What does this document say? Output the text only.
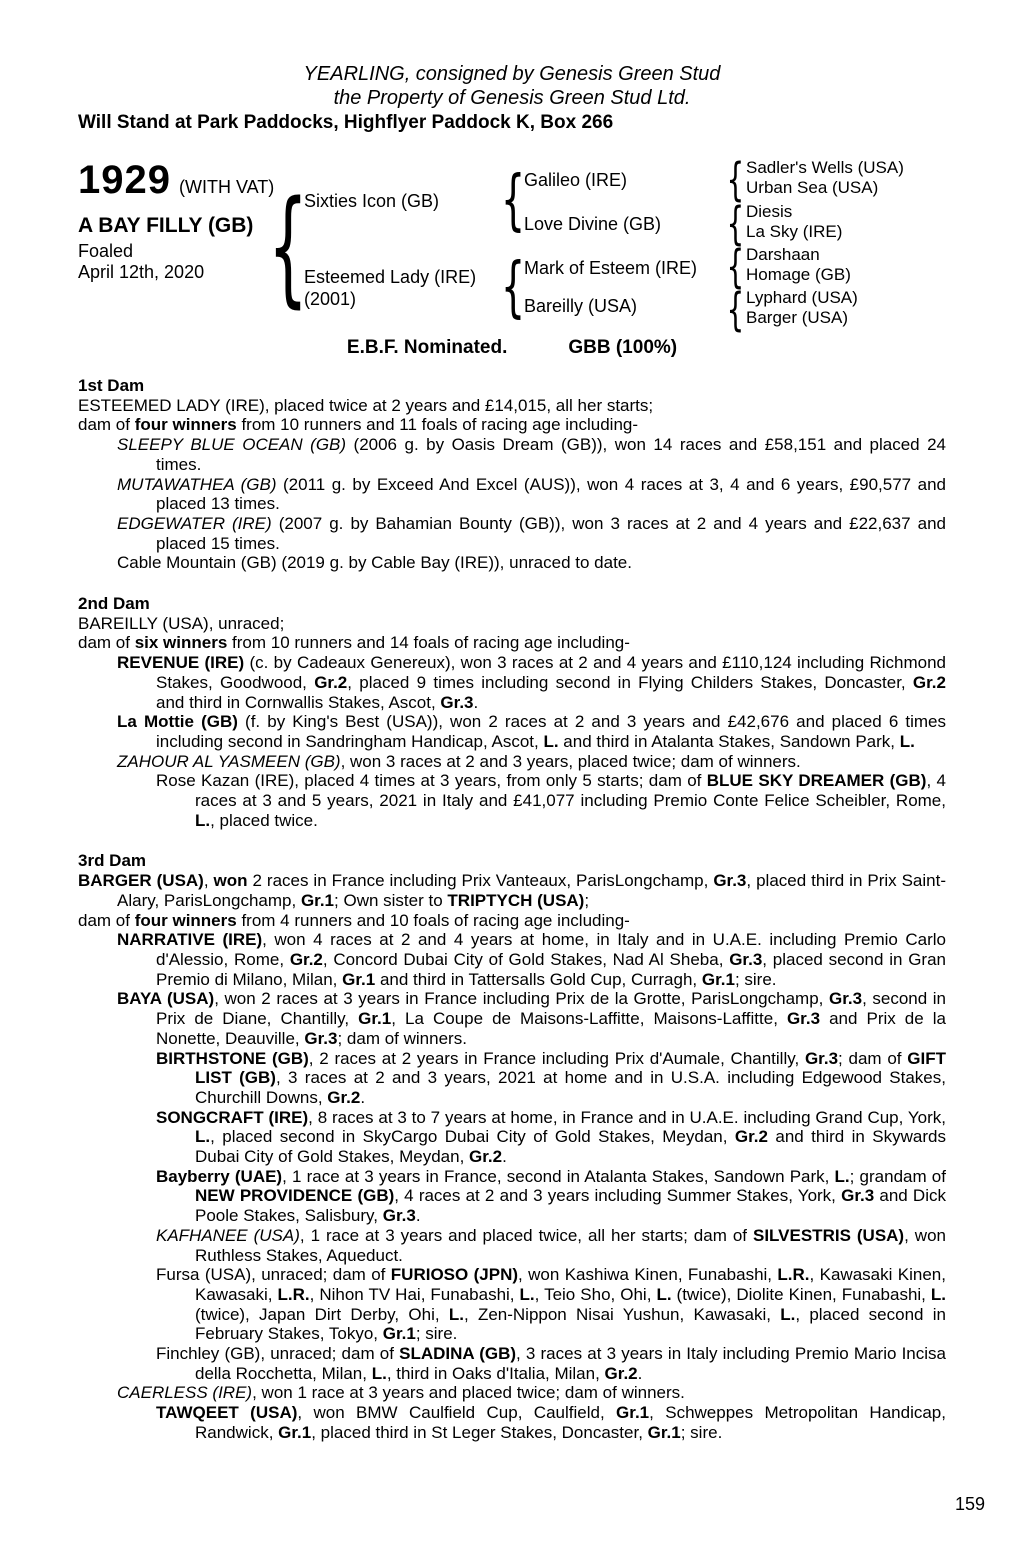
YEARLING, consigned by Genesis Green Stud
the Property of Genesis Green Stud Ltd.
Will Stand at Park Paddocks, Highflyer Paddock K, Box 266
1929 (WITH VAT)
A BAY FILLY (GB)
Foaled
April 12th, 2020 {
Sixties Icon (GB)
Esteemed Lady (IRE)
(2001)
{
{
Galileo (IRE)
Love Divine (GB)
Mark of Esteem (IRE)
Bareilly (USA)
{
{
{
{
Sadler's Wells (USA)
Urban Sea (USA)
Diesis
La Sky (IRE)
Darshaan
Homage (GB)
Lyphard (USA)
Barger (USA)
E.B.F. Nominated.	GBB (100%)
1st Dam

ESTEEMED LADY (IRE), placed twice at 2 years and £14,015, all her starts;

dam of four winners from 10 runners and 11 foals of racing age including-

SLEEPY BLUE OCEAN (GB) (2006 g. by Oasis Dream (GB)), won 14 races and £58,151 and placed 24 times.

MUTAWATHEA (GB) (2011 g. by Exceed And Excel (AUS)), won 4 races at 3, 4 and 6 years, £90,577 and placed 13 times.

EDGEWATER (IRE) (2007 g. by Bahamian Bounty (GB)), won 3 races at 2 and 4 years and £22,637 and placed 15 times.

Cable Mountain (GB) (2019 g. by Cable Bay (IRE)), unraced to date.

2nd Dam

BAREILLY (USA), unraced;

dam of six winners from 10 runners and 14 foals of racing age including-

REVENUE (IRE) (c. by Cadeaux Genereux), won 3 races at 2 and 4 years and £110,124 including Richmond Stakes, Goodwood, Gr.2, placed 9 times including second in Flying Childers Stakes, Doncaster, Gr.2 and third in Cornwallis Stakes, Ascot, Gr.3.

La Mottie (GB) (f. by King's Best (USA)), won 2 races at 2 and 3 years and £42,676 and placed 6 times including second in Sandringham Handicap, Ascot, L. and third in Atalanta Stakes, Sandown Park, L.

ZAHOUR AL YASMEEN (GB), won 3 races at 2 and 3 years, placed twice; dam of winners.

Rose Kazan (IRE), placed 4 times at 3 years, from only 5 starts; dam of BLUE SKY DREAMER (GB), 4 races at 3 and 5 years, 2021 in Italy and £41,077 including Premio Conte Felice Scheibler, Rome, L., placed twice.

3rd Dam

BARGER (USA), won 2 races in France including Prix Vanteaux, ParisLongchamp, Gr.3, placed third in Prix Saint-Alary, ParisLongchamp, Gr.1; Own sister to TRIPTYCH (USA);

dam of four winners from 4 runners and 10 foals of racing age including-

NARRATIVE (IRE), won 4 races at 2 and 4 years at home, in Italy and in U.A.E. including Premio Carlo d'Alessio, Rome, Gr.2, Concord Dubai City of Gold Stakes, Nad Al Sheba, Gr.3, placed second in Gran Premio di Milano, Milan, Gr.1 and third in Tattersalls Gold Cup, Curragh, Gr.1; sire.

BAYA (USA), won 2 races at 3 years in France including Prix de la Grotte, ParisLongchamp, Gr.3, second in Prix de Diane, Chantilly, Gr.1, La Coupe de Maisons-Laffitte, Maisons-Laffitte, Gr.3 and Prix de la Nonette, Deauville, Gr.3; dam of winners.

BIRTHSTONE (GB), 2 races at 2 years in France including Prix d'Aumale, Chantilly, Gr.3; dam of GIFT LIST (GB), 3 races at 2 and 3 years, 2021 at home and in U.S.A. including Edgewood Stakes, Churchill Downs, Gr.2.

SONGCRAFT (IRE), 8 races at 3 to 7 years at home, in France and in U.A.E. including Grand Cup, York, L., placed second in SkyCargo Dubai City of Gold Stakes, Meydan, Gr.2 and third in Skywards Dubai City of Gold Stakes, Meydan, Gr.2.

Bayberry (UAE), 1 race at 3 years in France, second in Atalanta Stakes, Sandown Park, L.; grandam of NEW PROVIDENCE (GB), 4 races at 2 and 3 years including Summer Stakes, York, Gr.3 and Dick Poole Stakes, Salisbury, Gr.3.

KAFHANEE (USA), 1 race at 3 years and placed twice, all her starts; dam of SILVESTRIS (USA), won Ruthless Stakes, Aqueduct.

Fursa (USA), unraced; dam of FURIOSO (JPN), won Kashiwa Kinen, Funabashi, L.R., Kawasaki Kinen, Kawasaki, L.R., Nihon TV Hai, Funabashi, L., Teio Sho, Ohi, L. (twice), Diolite Kinen, Funabashi, L. (twice), Japan Dirt Derby, Ohi, L., Zen-Nippon Nisai Yushun, Kawasaki, L., placed second in February Stakes, Tokyo, Gr.1; sire.

Finchley (GB), unraced; dam of SLADINA (GB), 3 races at 3 years in Italy including Premio Mario Incisa della Rocchetta, Milan, L., third in Oaks d'Italia, Milan, Gr.2.

CAERLESS (IRE), won 1 race at 3 years and placed twice; dam of winners.

TAWQEET (USA), won BMW Caulfield Cup, Caulfield, Gr.1, Schweppes Metropolitan Handicap, Randwick, Gr.1, placed third in St Leger Stakes, Doncaster, Gr.1; sire.

159
